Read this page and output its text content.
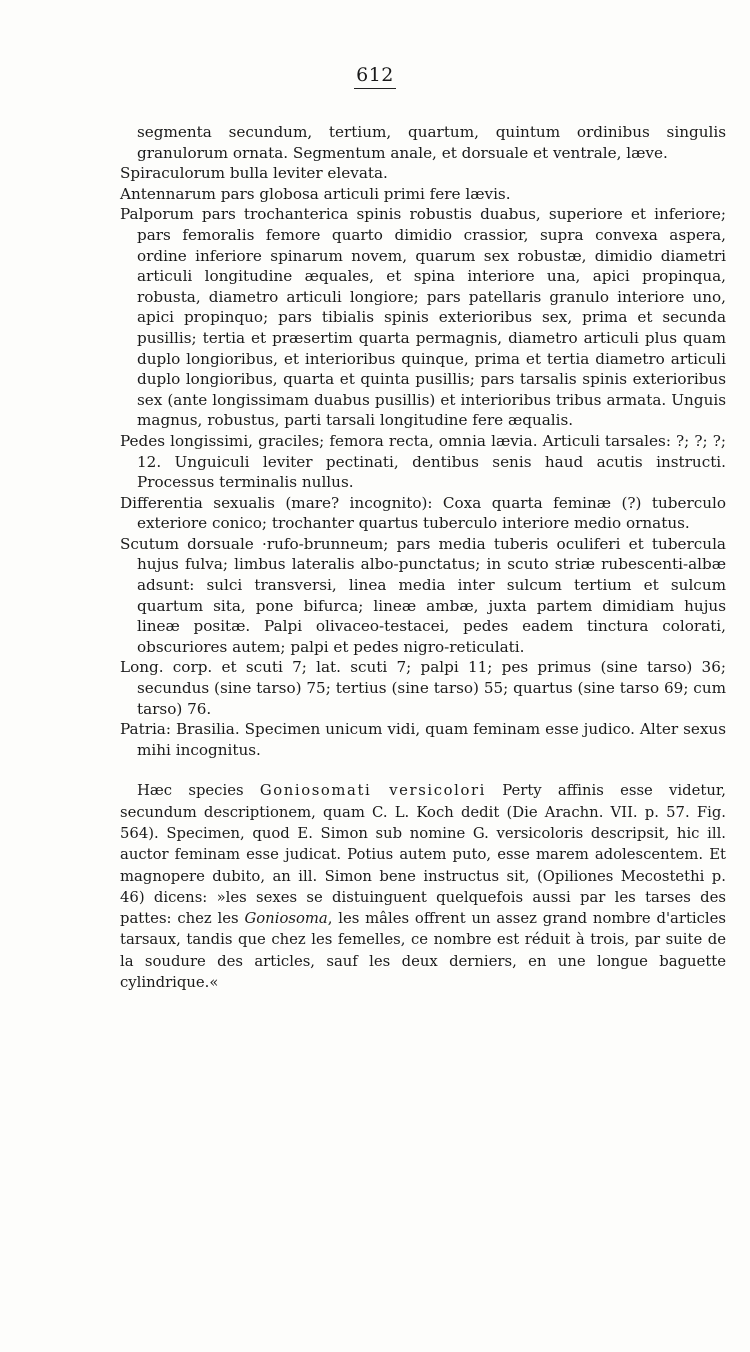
612

segmenta secundum, tertium, quartum, quintum ordinibus singulis granulorum ornata. Segmentum anale, et dorsuale et ventrale, læve.

Spiraculorum bulla leviter elevata.

Antennarum pars globosa articuli primi fere lævis.

Palporum pars trochanterica spinis robustis duabus, superiore et inferiore; pars femoralis femore quarto dimidio crassior, supra convexa aspera, ordine inferiore spinarum novem, quarum sex robustæ, dimidio diametri articuli longitudine æquales, et spina interiore una, apici propinqua, robusta, diametro articuli longiore; pars patellaris granulo interiore uno, apici propinquo; pars tibialis spinis exterioribus sex, prima et secunda pusillis; tertia et præsertim quarta permagnis, diametro articuli plus quam duplo longioribus, et interioribus quinque, prima et tertia diametro articuli duplo longioribus, quarta et quinta pusillis; pars tarsalis spinis exterioribus sex (ante longissimam duabus pusillis) et interioribus tribus armata. Unguis magnus, robustus, parti tarsali longitudine fere æqualis.

Pedes longissimi, graciles; femora recta, omnia lævia. Articuli tarsales: ?; ?; ?; 12. Unguiculi leviter pectinati, dentibus senis haud acutis instructi. Processus terminalis nullus.

Differentia sexualis (mare? incognito): Coxa quarta feminæ (?) tuberculo exteriore conico; trochanter quartus tuberculo interiore medio ornatus.

Scutum dorsuale ·rufo-brunneum; pars media tuberis oculiferi et tubercula hujus fulva; limbus lateralis albo-punctatus; in scuto striæ rubescenti-albæ adsunt: sulci transversi, linea media inter sulcum tertium et sulcum quartum sita, pone bifurca; lineæ ambæ, juxta partem dimidiam hujus lineæ positæ. Palpi olivaceo-testacei, pedes eadem tinctura colorati, obscuriores autem; palpi et pedes nigro-reticulati.

Long. corp. et scuti 7; lat. scuti 7; palpi 11; pes primus (sine tarso) 36; secundus (sine tarso) 75; tertius (sine tarso) 55; quartus (sine tarso 69; cum tarso) 76.

Patria: Brasilia. Specimen unicum vidi, quam feminam esse judico. Alter sexus mihi incognitus.

Hæc species Goniosomati versicolori Perty affinis esse videtur, secundum descriptionem, quam C. L. Koch dedit (Die Arachn. VII. p. 57. Fig. 564). Specimen, quod E. Simon sub nomine G. versicoloris descripsit, hic ill. auctor feminam esse judicat. Potius autem puto, esse marem adolescentem. Et magnopere dubito, an ill. Simon bene instructus sit, (Opiliones Mecostethi p. 46) dicens: »les sexes se distuinguent quelquefois aussi par les tarses des pattes: chez les Goniosoma, les mâles offrent un assez grand nombre d'articles tarsaux, tandis que chez les femelles, ce nombre est réduit à trois, par suite de la soudure des articles, sauf les deux derniers, en une longue baguette cylindrique.«
